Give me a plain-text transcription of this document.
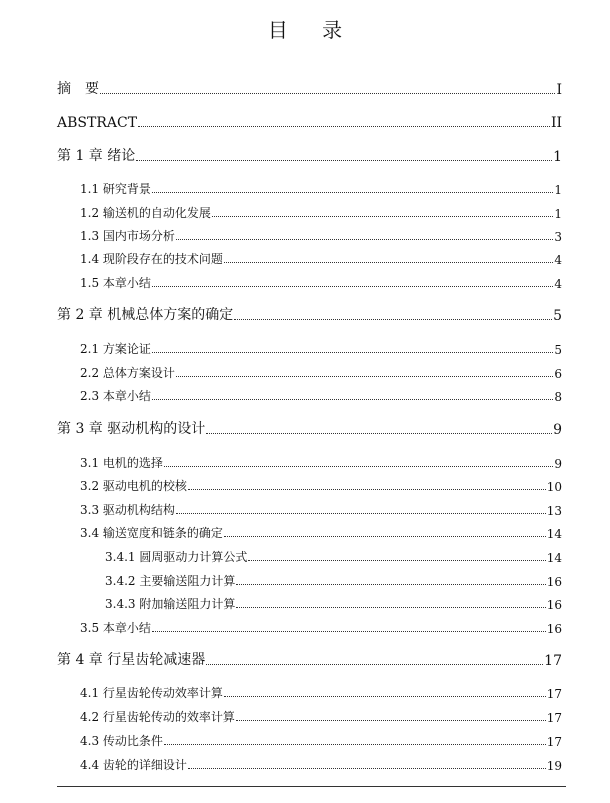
目 录
摘　要	I
ABSTRACT	II
第 1 章 绪论	1
1.1 研究背景	1
1.2 输送机的自动化发展	1
1.3 国内市场分析	3
1.4 现阶段存在的技术问题	4
1.5 本章小结	4
第 2 章 机械总体方案的确定	5
2.1 方案论证	5
2.2 总体方案设计	6
2.3 本章小结	8
第 3 章 驱动机构的设计	9
3.1 电机的选择	9
3.2 驱动电机的校核	10
3.3 驱动机构结构	13
3.4 输送宽度和链条的确定	14
3.4.1 圆周驱动力计算公式	14
3.4.2 主要输送阻力计算	16
3.4.3 附加输送阻力计算	16
3.5 本章小结	16
第 4 章 行星齿轮减速器	17
4.1 行星齿轮传动效率计算	17
4.2 行星齿轮传动的效率计算	17
4.3 传动比条件	17
4.4 齿轮的详细设计	19
